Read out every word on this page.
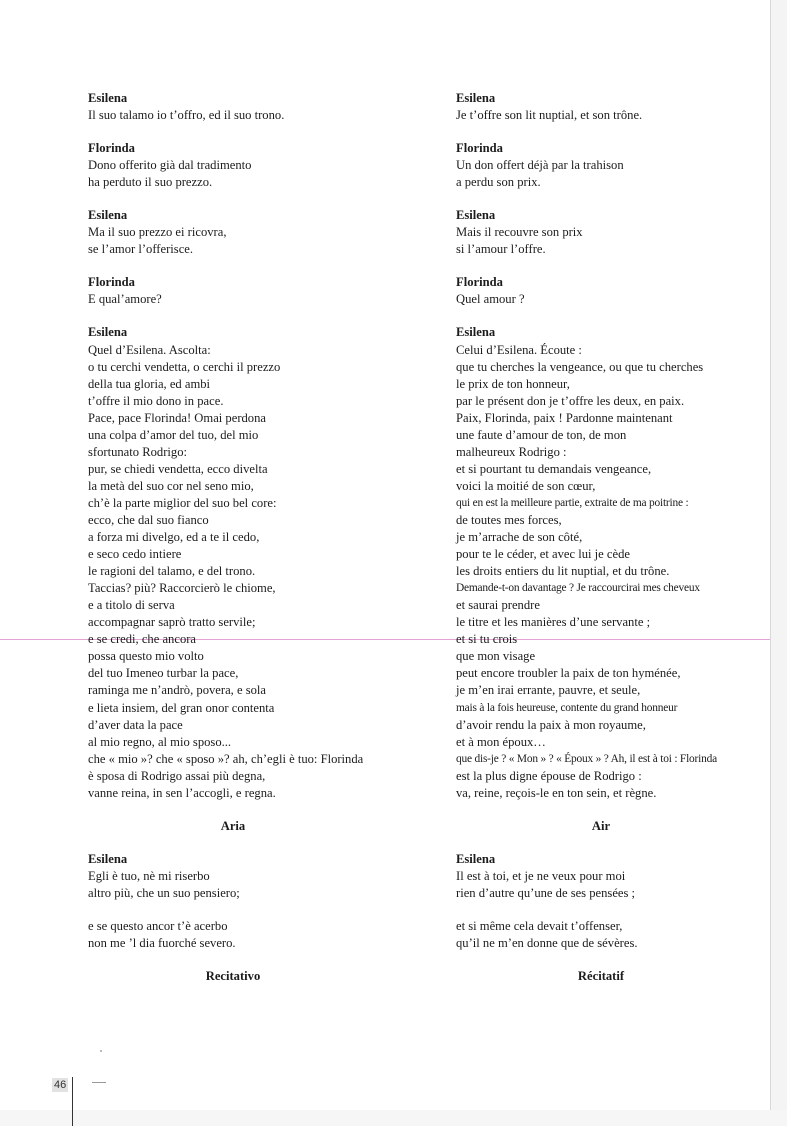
Esilena
Il suo talamo io t’offro, ed il suo trono.
Florinda
Dono offerito già dal tradimento
ha perduto il suo prezzo.
Esilena
Ma il suo prezzo ei ricovra,
se l’amor l’offerisce.
Florinda
E qual’amore?
Esilena
Quel d’Esilena. Ascolta:
o tu cerchi vendetta, o cerchi il prezzo
della tua gloria, ed ambi
t’offre il mio dono in pace.
Pace, pace Florinda! Omai perdona
una colpa d’amor del tuo, del mio
sfortunato Rodrigo:
pur, se chiedi vendetta, ecco divelta
la metà del suo cor nel seno mio,
ch’è la parte miglior del suo bel core:
ecco, che dal suo fianco
a forza mi divelgo, ed a te il cedo,
e seco cedo intiere
le ragioni del talamo, e del trono.
Taccias? più? Raccorcierò le chiome,
e a titolo di serva
accompagnar saprò tratto servile;
e se credi, che ancora
possa questo mio volto
del tuo Imeneo turbar la pace,
raminga me n’andrò, povera, e sola
e lieta insiem, del gran onor contenta
d’aver data la pace
al mio regno, al mio sposo...
che « mio »? che « sposo »? ah, ch’egli è tuo: Florinda
è sposa di Rodrigo assai più degna,
vanne reina, in sen l’accogli, e regna.
Aria
Esilena
Egli è tuo, nè mi riserbo
altro più, che un suo pensiero;
e se questo ancor t’è acerbo
non me ’l dia fuorché severo.
Recitativo
Esilena
Je t’offre son lit nuptial, et son trône.
Florinda
Un don offert déjà par la trahison
a perdu son prix.
Esilena
Mais il recouvre son prix
si l’amour l’offre.
Florinda
Quel amour ?
Esilena
Celui d’Esilena. Écoute :
que tu cherches la vengeance, ou que tu cherches
le prix de ton honneur,
par le présent don je t’offre les deux, en paix.
Paix, Florinda, paix ! Pardonne maintenant
une faute d’amour de ton, de mon
malheureux Rodrigo :
et si pourtant tu demandais vengeance,
voici la moitié de son cœur,
qui en est la meilleure partie, extraite de ma poitrine :
de toutes mes forces,
je m’arrache de son côté,
pour te le céder, et avec lui je cède
les droits entiers du lit nuptial, et du trône.
Demande-t-on davantage ? Je raccourcirai mes cheveux
et saurai prendre
le titre et les manières d’une servante ;
et si tu crois
que mon visage
peut encore troubler la paix de ton hyménée,
je m’en irai errante, pauvre, et seule,
mais à la fois heureuse, contente du grand honneur
d’avoir rendu la paix à mon royaume,
et à mon époux…
que dis-je ? « Mon » ? « Époux » ? Ah, il est à toi : Florinda
est la plus digne épouse de Rodrigo :
va, reine, reçois-le en ton sein, et règne.
Air
Esilena
Il est à toi, et je ne veux pour moi
rien d’autre qu’une de ses pensées ;
et si même cela devait t’offenser,
qu’il ne m’en donne que de sévères.
Récitatif
46
